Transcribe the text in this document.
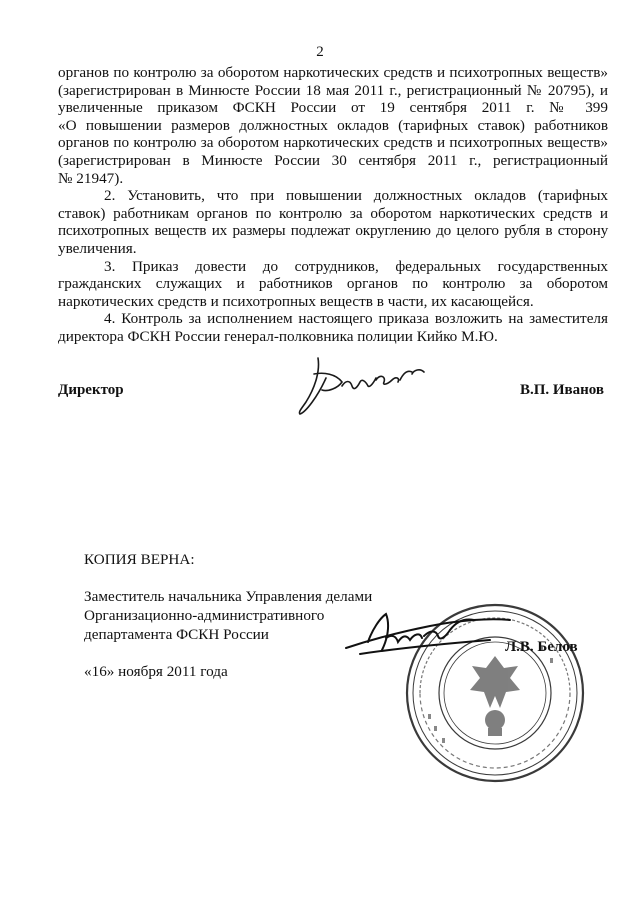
2
органов по контролю за оборотом наркотических средств и психотропных веществ»
(зарегистрирован в Минюсте России 18 мая 2011 г., регистрационный № 20795), и
увеличенные приказом ФСКН России от 19 сентября 2011 г. № 399
«О повышении размеров должностных окладов (тарифных ставок) работников
органов по контролю за оборотом наркотических средств и психотропных веществ»
(зарегистрирован в Минюсте России 30 сентября 2011 г., регистрационный
№ 21947).
2. Установить, что при повышении должностных окладов (тарифных
ставок) работникам органов по контролю за оборотом наркотических средств и
психотропных веществ их размеры подлежат округлению до целого рубля в сторону
увеличения.
3. Приказ довести до сотрудников, федеральных государственных
гражданских служащих и работников органов по контролю за оборотом
наркотических средств и психотропных веществ в части, их касающейся.
4. Контроль за исполнением настоящего приказа возложить на заместителя
директора ФСКН России генерал-полковника полиции Кийко М.Ю.
Директор	В.П. Иванов
КОПИЯ ВЕРНА:
Заместитель начальника Управления делами
Организационно-административного
департамента ФСКН России
«16» ноября 2011 года
Л.В. Белов
